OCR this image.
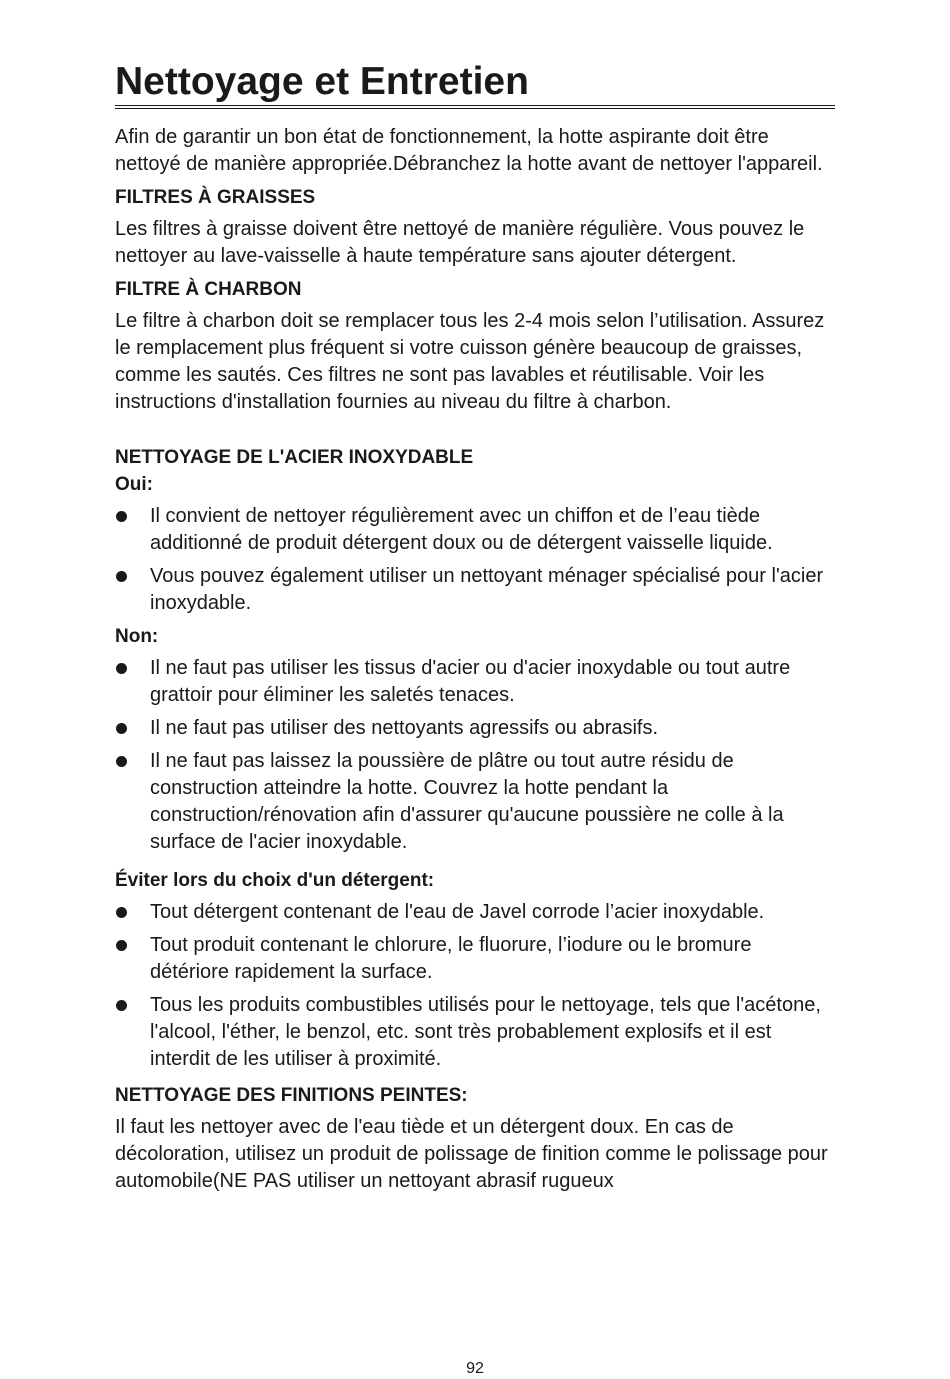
Nettoyage et Entretien

Afin de garantir un bon état de fonctionnement, la hotte aspirante doit être nettoyé de manière appropriée.Débranchez la hotte avant de nettoyer l'appareil.

FILTRES À GRAISSES

Les filtres à graisse doivent être nettoyé de manière régulière. Vous pouvez le nettoyer au lave-vaisselle à haute température sans ajouter détergent.

FILTRE À CHARBON

Le filtre à charbon doit se remplacer tous les 2-4 mois selon l’utilisation. Assurez le remplacement plus fréquent si votre cuisson génère beaucoup de graisses, comme les sautés. Ces filtres ne sont pas lavables et réutilisable. Voir les instructions d'installation fournies au niveau du filtre à charbon.

NETTOYAGE DE L'ACIER INOXYDABLE

Oui:

Il convient de nettoyer régulièrement avec un chiffon et de l’eau tiède additionné de produit détergent doux ou de détergent vaisselle liquide.
Vous pouvez également utiliser un nettoyant ménager spécialisé pour l'acier inoxydable.

Non:

Il ne faut pas utiliser les tissus d'acier ou d'acier inoxydable ou tout autre grattoir pour éliminer les saletés tenaces.
Il ne faut pas utiliser des nettoyants agressifs ou abrasifs.
Il ne faut pas laissez la poussière de plâtre ou tout autre résidu de construction atteindre la hotte. Couvrez la hotte pendant la construction/rénovation afin d'assurer qu'aucune poussière ne colle à la surface de l'acier inoxydable.

Éviter lors du choix d'un détergent:

Tout détergent contenant de l'eau de Javel corrode l’acier inoxydable.
Tout produit contenant le chlorure, le fluorure, l’iodure ou le bromure détériore rapidement la surface.
Tous les produits combustibles utilisés pour le nettoyage, tels que l'acétone, l'alcool, l'éther, le benzol, etc. sont très probablement explosifs et il est interdit de les utiliser à proximité.

NETTOYAGE DES FINITIONS PEINTES:

Il faut les nettoyer avec de l'eau tiède et un détergent doux. En cas de décoloration, utilisez un produit de polissage de finition comme le polissage pour automobile(NE PAS utiliser un nettoyant abrasif rugueux

92
